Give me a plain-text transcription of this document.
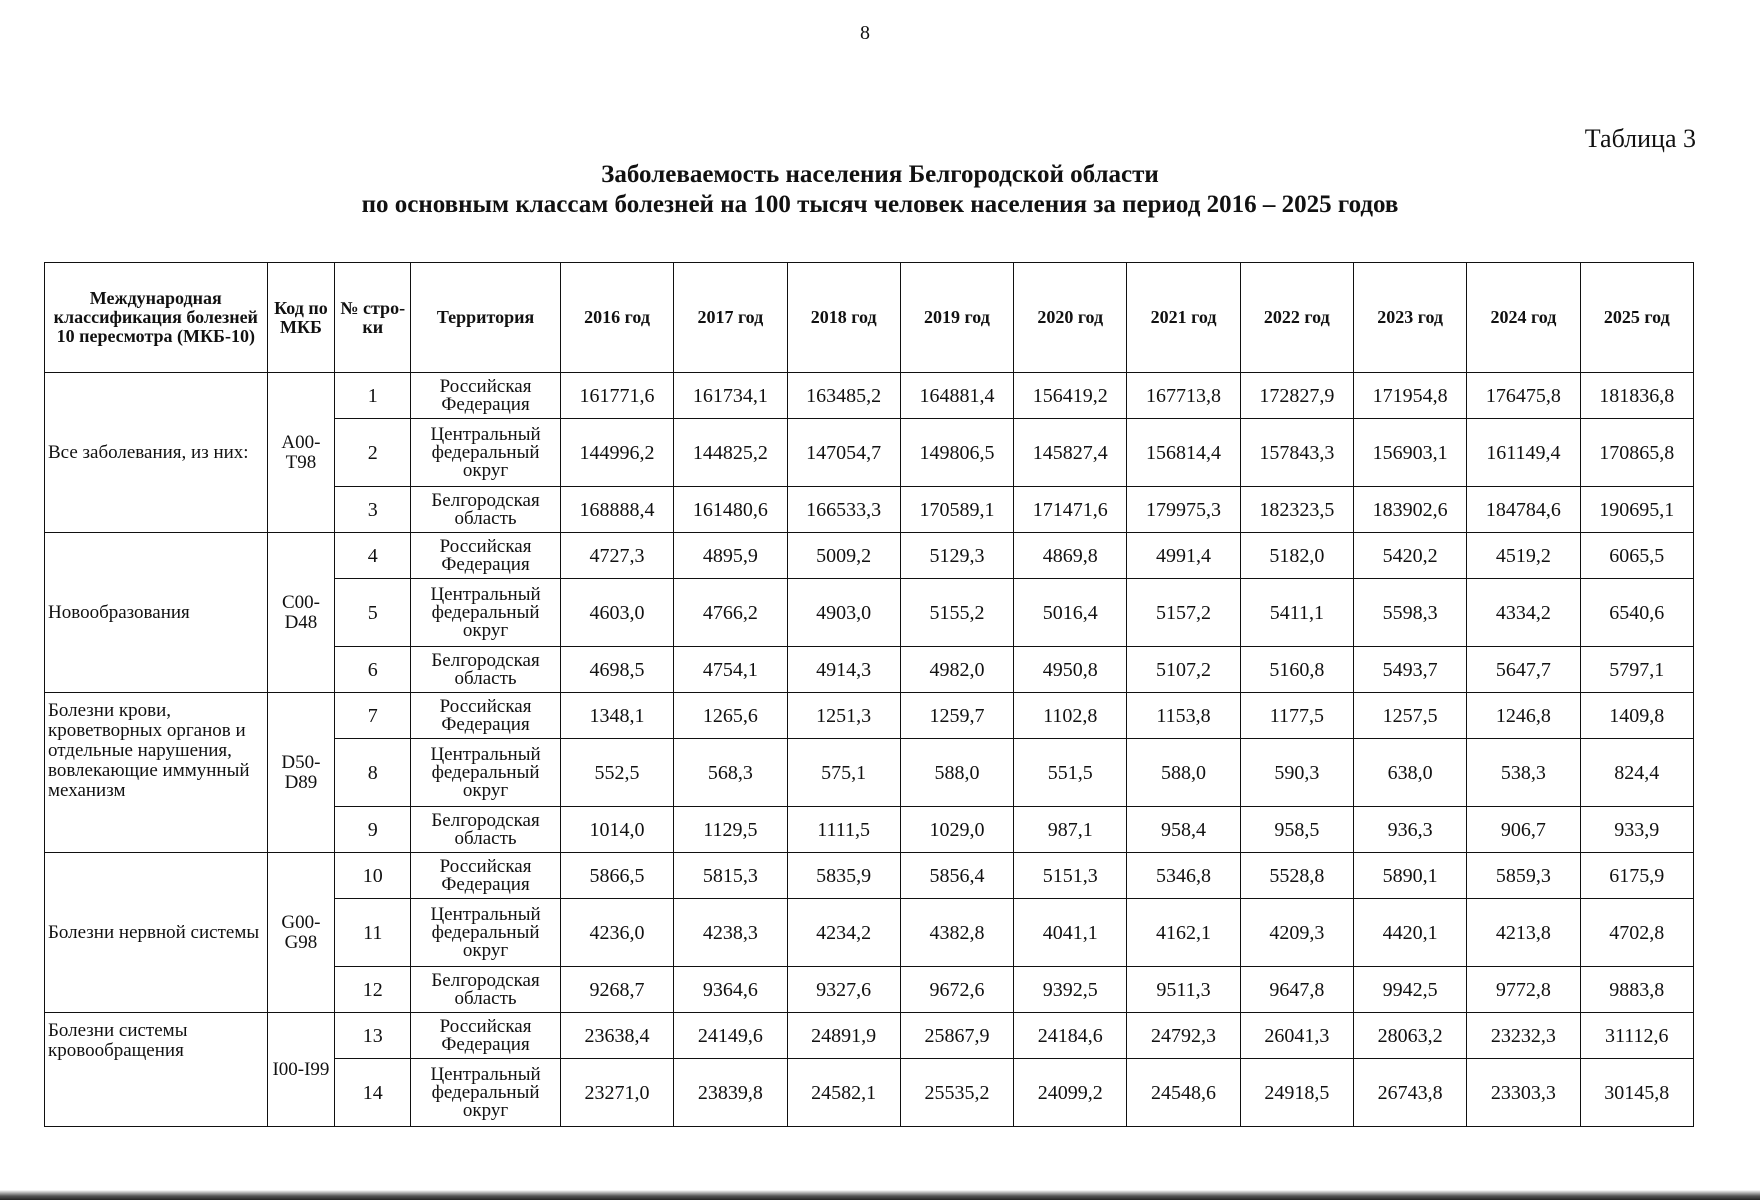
8
Таблица 3
Заболеваемость населения Белгородской области
по основным классам болезней на 100 тысяч человек населения за период 2016 – 2025 годов
Международная классификация болезней 10 пересмотра (МКБ-10)	Код по МКБ	№ стро-ки	Территория	2016 год	2017 год	2018 год	2019 год	2020 год	2021 год	2022 год	2023 год	2024 год	2025 год
Все заболевания, из них:	A00-T98	1	Российская Федерация	161771,6	161734,1	163485,2	164881,4	156419,2	167713,8	172827,9	171954,8	176475,8	181836,8
		2	Центральный федеральный округ	144996,2	144825,2	147054,7	149806,5	145827,4	156814,4	157843,3	156903,1	161149,4	170865,8
		3	Белгородская область	168888,4	161480,6	166533,3	170589,1	171471,6	179975,3	182323,5	183902,6	184784,6	190695,1
Новообразования	C00-D48	4	Российская Федерация	4727,3	4895,9	5009,2	5129,3	4869,8	4991,4	5182,0	5420,2	4519,2	6065,5
		5	Центральный федеральный округ	4603,0	4766,2	4903,0	5155,2	5016,4	5157,2	5411,1	5598,3	4334,2	6540,6
		6	Белгородская область	4698,5	4754,1	4914,3	4982,0	4950,8	5107,2	5160,8	5493,7	5647,7	5797,1
Болезни крови, кроветворных органов и отдельные нарушения, вовлекающие иммунный механизм	D50-D89	7	Российская Федерация	1348,1	1265,6	1251,3	1259,7	1102,8	1153,8	1177,5	1257,5	1246,8	1409,8
		8	Центральный федеральный округ	552,5	568,3	575,1	588,0	551,5	588,0	590,3	638,0	538,3	824,4
		9	Белгородская область	1014,0	1129,5	1111,5	1029,0	987,1	958,4	958,5	936,3	906,7	933,9
Болезни нервной системы	G00-G98	10	Российская Федерация	5866,5	5815,3	5835,9	5856,4	5151,3	5346,8	5528,8	5890,1	5859,3	6175,9
		11	Центральный федеральный округ	4236,0	4238,3	4234,2	4382,8	4041,1	4162,1	4209,3	4420,1	4213,8	4702,8
		12	Белгородская область	9268,7	9364,6	9327,6	9672,6	9392,5	9511,3	9647,8	9942,5	9772,8	9883,8
Болезни системы кровообращения	I00-I99	13	Российская Федерация	23638,4	24149,6	24891,9	25867,9	24184,6	24792,3	26041,3	28063,2	23232,3	31112,6
		14	Центральный федеральный округ	23271,0	23839,8	24582,1	25535,2	24099,2	24548,6	24918,5	26743,8	23303,3	30145,8
